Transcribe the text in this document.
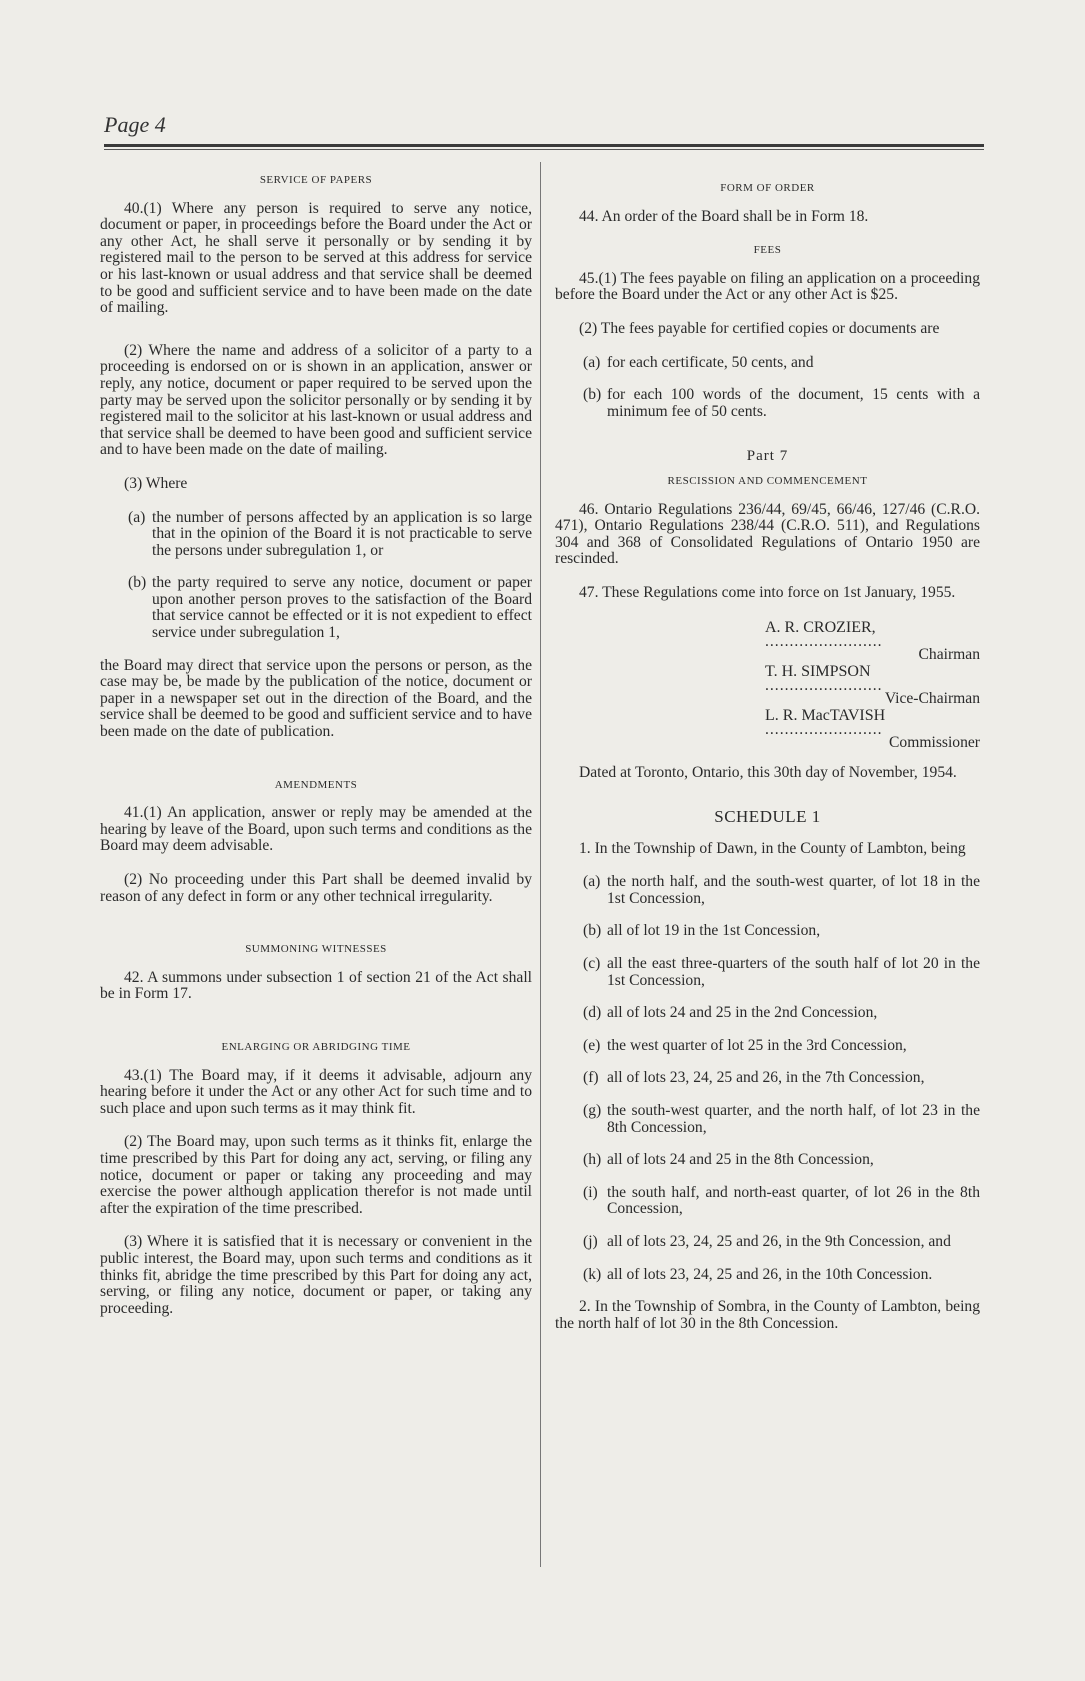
Page 4
SERVICE OF PAPERS

40.(1) Where any person is required to serve any notice, document or paper, in proceedings before the Board under the Act or any other Act, he shall serve it personally or by sending it by registered mail to the person to be served at this address for service or his last-known or usual address and that service shall be deemed to be good and sufficient service and to have been made on the date of mailing.

(2) Where the name and address of a solicitor of a party to a proceeding is endorsed on or is shown in an application, answer or reply, any notice, document or paper required to be served upon the party may be served upon the solicitor personally or by sending it by registered mail to the solicitor at his last-known or usual address and that service shall be deemed to have been good and sufficient service and to have been made on the date of mailing.

(3) Where

(a) the number of persons affected by an application is so large that in the opinion of the Board it is not practicable to serve the persons under subregulation 1, or
(b) the party required to serve any notice, document or paper upon another person proves to the satisfaction of the Board that service cannot be effected or it is not expedient to effect service under subregulation 1,

the Board may direct that service upon the persons or person, as the case may be, be made by the publication of the notice, document or paper in a newspaper set out in the direction of the Board, and the service shall be deemed to be good and sufficient service and to have been made on the date of publication.

AMENDMENTS

41.(1) An application, answer or reply may be amended at the hearing by leave of the Board, upon such terms and conditions as the Board may deem advisable.

(2) No proceeding under this Part shall be deemed invalid by reason of any defect in form or any other technical irregularity.

SUMMONING WITNESSES

42. A summons under subsection 1 of section 21 of the Act shall be in Form 17.

ENLARGING OR ABRIDGING TIME

43.(1) The Board may, if it deems it advisable, adjourn any hearing before it under the Act or any other Act for such time and to such place and upon such terms as it may think fit.

(2) The Board may, upon such terms as it thinks fit, enlarge the time prescribed by this Part for doing any act, serving, or filing any notice, document or paper or taking any proceeding and may exercise the power although application therefor is not made until after the expiration of the time prescribed.

(3) Where it is satisfied that it is necessary or convenient in the public interest, the Board may, upon such terms and conditions as it thinks fit, abridge the time prescribed by this Part for doing any act, serving, or filing any notice, document or paper, or taking any proceeding.

FORM OF ORDER

44. An order of the Board shall be in Form 18.

FEES

45.(1) The fees payable on filing an application on a proceeding before the Board under the Act or any other Act is $25.

(2) The fees payable for certified copies or documents are

(a) for each certificate, 50 cents, and
(b) for each 100 words of the document, 15 cents with a minimum fee of 50 cents.
Part 7
RESCISSION AND COMMENCEMENT

46. Ontario Regulations 236/44, 69/45, 66/46, 127/46 (C.R.O. 471), Ontario Regulations 238/44 (C.R.O. 511), and Regulations 304 and 368 of Consolidated Regulations of Ontario 1950 are rescinded.

47. These Regulations come into force on 1st January, 1955.

A. R. CROZIER,
........................
Chairman
T. H. SIMPSON
........................
Vice-Chairman
L. R. MacTAVISH
........................
Commissioner

Dated at Toronto, Ontario, this 30th day of November, 1954.

SCHEDULE 1

1. In the Township of Dawn, in the County of Lambton, being

(a) the north half, and the south-west quarter, of lot 18 in the 1st Concession,
(b) all of lot 19 in the 1st Concession,
(c) all the east three-quarters of the south half of lot 20 in the 1st Concession,
(d) all of lots 24 and 25 in the 2nd Concession,
(e) the west quarter of lot 25 in the 3rd Concession,
(f) all of lots 23, 24, 25 and 26, in the 7th Concession,
(g) the south-west quarter, and the north half, of lot 23 in the 8th Concession,
(h) all of lots 24 and 25 in the 8th Concession,
(i) the south half, and north-east quarter, of lot 26 in the 8th Concession,
(j) all of lots 23, 24, 25 and 26, in the 9th Concession, and
(k) all of lots 23, 24, 25 and 26, in the 10th Concession.

2. In the Township of Sombra, in the County of Lambton, being the north half of lot 30 in the 8th Concession.
